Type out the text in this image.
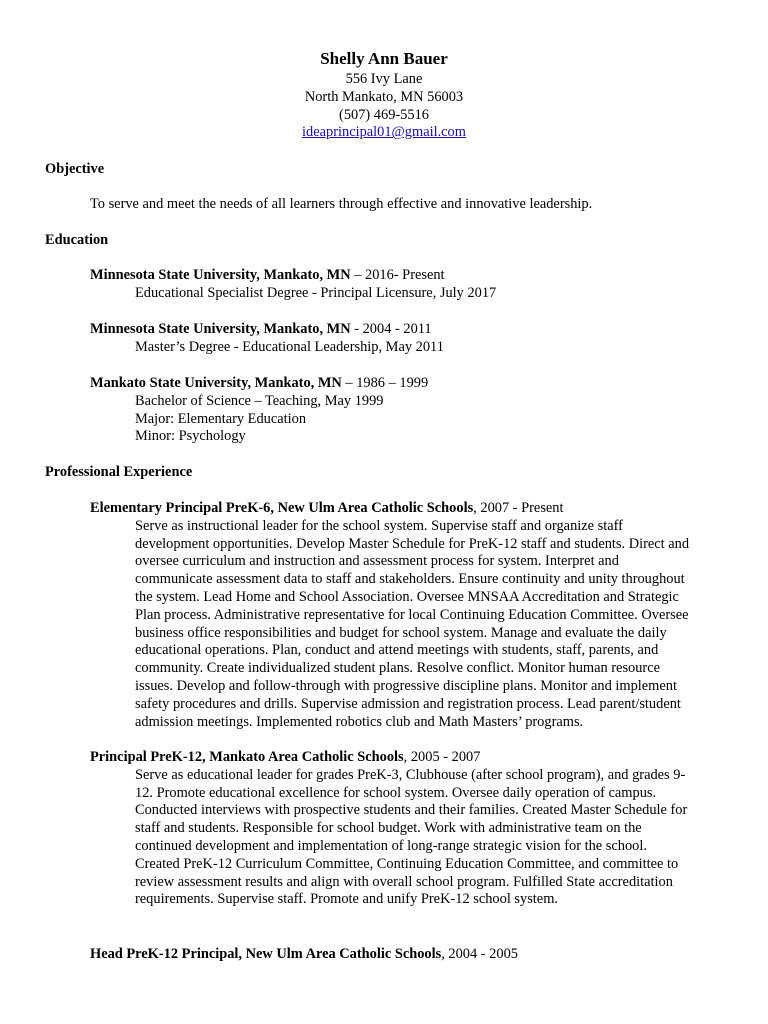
Shelly Ann Bauer
556 Ivy Lane
North Mankato, MN 56003
(507) 469-5516
ideaprincipal01@gmail.com
Objective
To serve and meet the needs of all learners through effective and innovative leadership.
Education
Minnesota State University, Mankato, MN – 2016- Present
Educational Specialist Degree - Principal Licensure, July 2017
Minnesota State University, Mankato, MN - 2004 - 2011
Master’s Degree - Educational Leadership, May 2011
Mankato State University, Mankato, MN – 1986 – 1999
Bachelor of Science – Teaching, May 1999
Major: Elementary Education
Minor: Psychology
Professional Experience
Elementary Principal PreK-6, New Ulm Area Catholic Schools, 2007 - Present
Serve as instructional leader for the school system. Supervise staff and organize staff
development opportunities. Develop Master Schedule for PreK-12 staff and students. Direct and
oversee curriculum and instruction and assessment process for system. Interpret and
communicate assessment data to staff and stakeholders. Ensure continuity and unity throughout
the system. Lead Home and School Association. Oversee MNSAA Accreditation and Strategic
Plan process. Administrative representative for local Continuing Education Committee. Oversee
business office responsibilities and budget for school system. Manage and evaluate the daily
educational operations. Plan, conduct and attend meetings with students, staff, parents, and
community. Create individualized student plans. Resolve conflict. Monitor human resource
issues. Develop and follow-through with progressive discipline plans. Monitor and implement
safety procedures and drills. Supervise admission and registration process. Lead parent/student
admission meetings. Implemented robotics club and Math Masters’ programs.
Principal PreK-12, Mankato Area Catholic Schools, 2005 - 2007
Serve as educational leader for grades PreK-3, Clubhouse (after school program), and grades 9-
12. Promote educational excellence for school system. Oversee daily operation of campus.
Conducted interviews with prospective students and their families. Created Master Schedule for
staff and students. Responsible for school budget. Work with administrative team on the
continued development and implementation of long-range strategic vision for the school.
Created PreK-12 Curriculum Committee, Continuing Education Committee, and committee to
review assessment results and align with overall school program. Fulfilled State accreditation
requirements. Supervise staff. Promote and unify PreK-12 school system.
Head PreK-12 Principal, New Ulm Area Catholic Schools, 2004 - 2005
